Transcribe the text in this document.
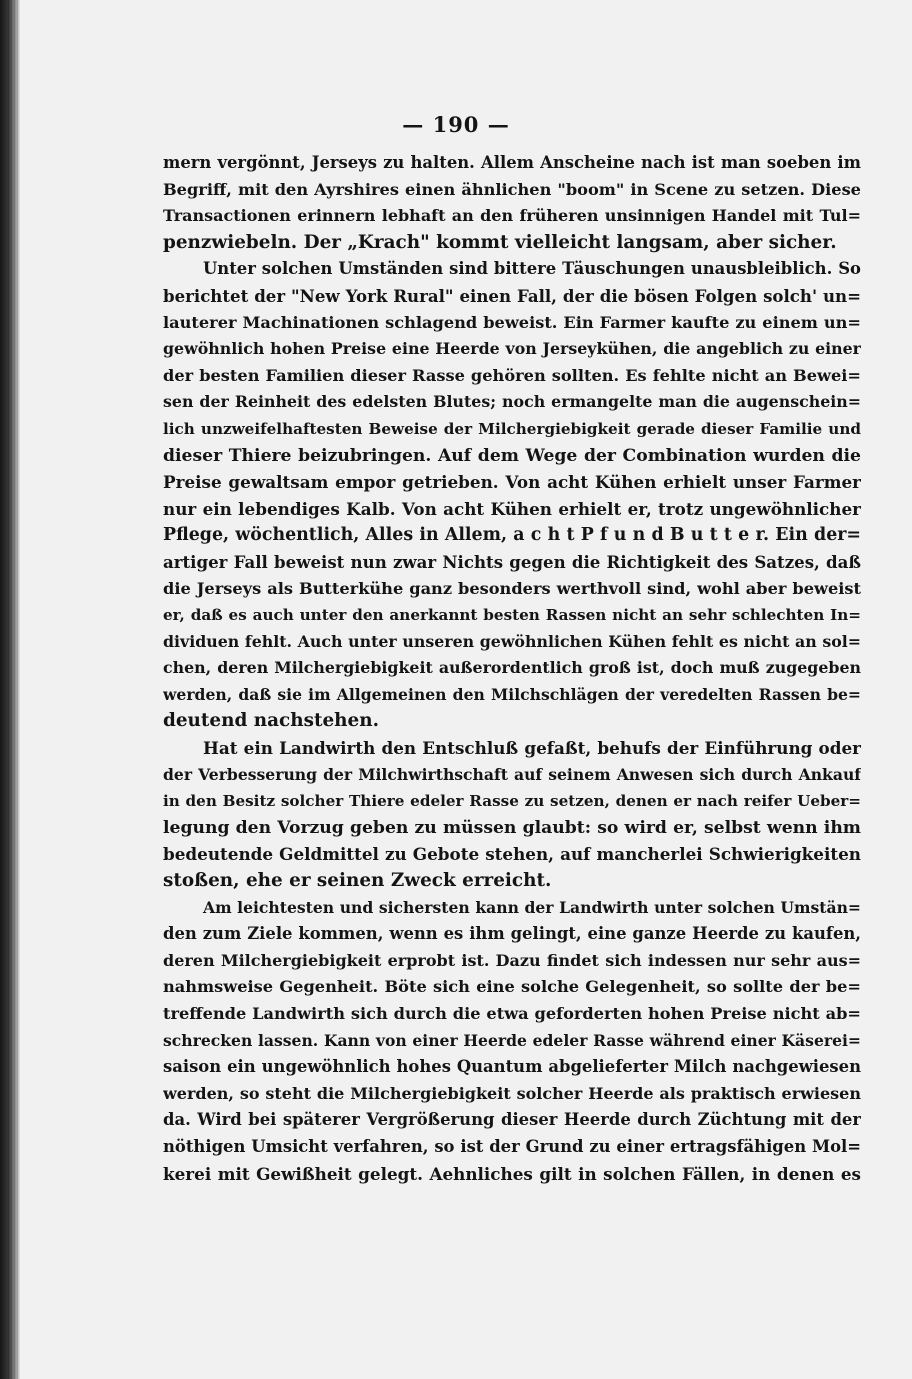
— 190 —
mern vergönnt, Jerseys zu halten. Allem Anscheine nach ist man soeben im
Begriff, mit den Ayrshires einen ähnlichen "boom" in Scene zu setzen. Diese
Transactionen erinnern lebhaft an den früheren unsinnigen Handel mit Tul=
penzwiebeln. Der „Krach" kommt vielleicht langsam, aber sicher.
Unter solchen Umständen sind bittere Täuschungen unausbleiblich. So
berichtet der "New York Rural" einen Fall, der die bösen Folgen solch' un=
lauterer Machinationen schlagend beweist. Ein Farmer kaufte zu einem un=
gewöhnlich hohen Preise eine Heerde von Jerseykühen, die angeblich zu einer
der besten Familien dieser Rasse gehören sollten. Es fehlte nicht an Bewei=
sen der Reinheit des edelsten Blutes; noch ermangelte man die augenschein=
lich unzweifelhaftesten Beweise der Milchergiebigkeit gerade dieser Familie und
dieser Thiere beizubringen. Auf dem Wege der Combination wurden die
Preise gewaltsam empor getrieben. Von acht Kühen erhielt unser Farmer
nur ein lebendiges Kalb. Von acht Kühen erhielt er, trotz ungewöhnlicher
Pflege, wöchentlich, Alles in Allem, a c h t P f u n d B u t t e r. Ein der=
artiger Fall beweist nun zwar Nichts gegen die Richtigkeit des Satzes, daß
die Jerseys als Butterkühe ganz besonders werthvoll sind, wohl aber beweist
er, daß es auch unter den anerkannt besten Rassen nicht an sehr schlechten In=
dividuen fehlt. Auch unter unseren gewöhnlichen Kühen fehlt es nicht an sol=
chen, deren Milchergiebigkeit außerordentlich groß ist, doch muß zugegeben
werden, daß sie im Allgemeinen den Milchschlägen der veredelten Rassen be=
deutend nachstehen.
Hat ein Landwirth den Entschluß gefaßt, behufs der Einführung oder
der Verbesserung der Milchwirthschaft auf seinem Anwesen sich durch Ankauf
in den Besitz solcher Thiere edeler Rasse zu setzen, denen er nach reifer Ueber=
legung den Vorzug geben zu müssen glaubt: so wird er, selbst wenn ihm
bedeutende Geldmittel zu Gebote stehen, auf mancherlei Schwierigkeiten
stoßen, ehe er seinen Zweck erreicht.
Am leichtesten und sichersten kann der Landwirth unter solchen Umstän=
den zum Ziele kommen, wenn es ihm gelingt, eine ganze Heerde zu kaufen,
deren Milchergiebigkeit erprobt ist. Dazu findet sich indessen nur sehr aus=
nahmsweise Gegenheit. Böte sich eine solche Gelegenheit, so sollte der be=
treffende Landwirth sich durch die etwa geforderten hohen Preise nicht ab=
schrecken lassen. Kann von einer Heerde edeler Rasse während einer Käserei=
saison ein ungewöhnlich hohes Quantum abgelieferter Milch nachgewiesen
werden, so steht die Milchergiebigkeit solcher Heerde als praktisch erwiesen
da. Wird bei späterer Vergrößerung dieser Heerde durch Züchtung mit der
nöthigen Umsicht verfahren, so ist der Grund zu einer ertragsfähigen Mol=
kerei mit Gewißheit gelegt. Aehnliches gilt in solchen Fällen, in denen es
